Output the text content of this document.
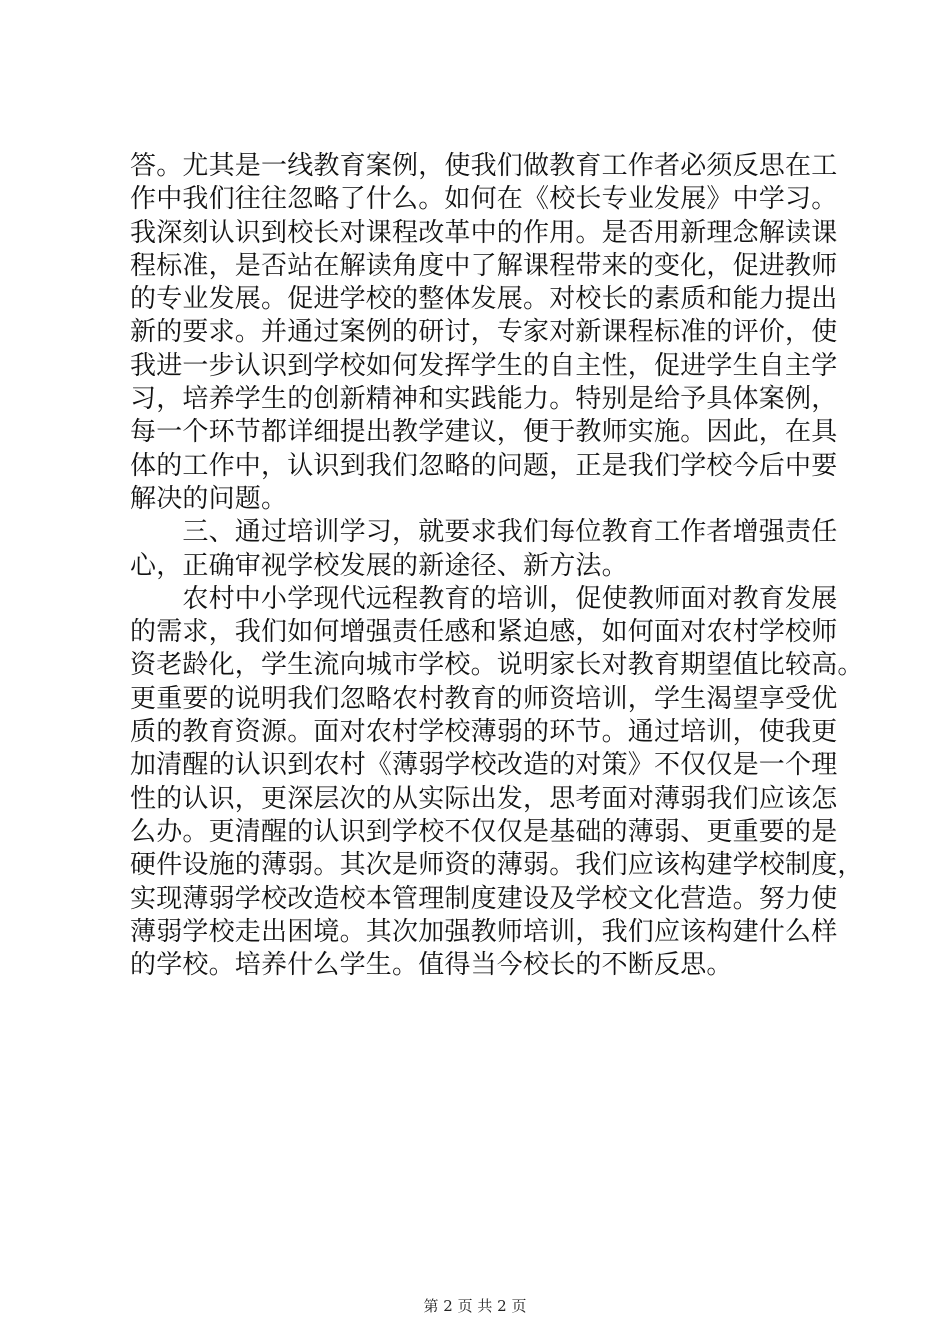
答。尤其是一线教育案例，使我们做教育工作者必须反思在工
作中我们往往忽略了什么。如何在《校长专业发展》中学习。
我深刻认识到校长对课程改革中的作用。是否用新理念解读课
程标准，是否站在解读角度中了解课程带来的变化，促进教师
的专业发展。促进学校的整体发展。对校长的素质和能力提出
新的要求。并通过案例的研讨，专家对新课程标准的评价，使
我进一步认识到学校如何发挥学生的自主性，促进学生自主学
习，培养学生的创新精神和实践能力。特别是给予具体案例，
每一个环节都详细提出教学建议，便于教师实施。因此，在具
体的工作中，认识到我们忽略的问题，正是我们学校今后中要
解决的问题。
　　三、通过培训学习，就要求我们每位教育工作者增强责任
心，正确审视学校发展的新途径、新方法。
　　农村中小学现代远程教育的培训，促使教师面对教育发展
的需求，我们如何增强责任感和紧迫感，如何面对农村学校师
资老龄化，学生流向城市学校。说明家长对教育期望值比较高。
更重要的说明我们忽略农村教育的师资培训，学生渴望享受优
质的教育资源。面对农村学校薄弱的环节。通过培训，使我更
加清醒的认识到农村《薄弱学校改造的对策》不仅仅是一个理
性的认识，更深层次的从实际出发，思考面对薄弱我们应该怎
么办。更清醒的认识到学校不仅仅是基础的薄弱、更重要的是
硬件设施的薄弱。其次是师资的薄弱。我们应该构建学校制度，
实现薄弱学校改造校本管理制度建设及学校文化营造。努力使
薄弱学校走出困境。其次加强教师培训，我们应该构建什么样
的学校。培养什么学生。值得当今校长的不断反思。
第 2 页 共 2 页
